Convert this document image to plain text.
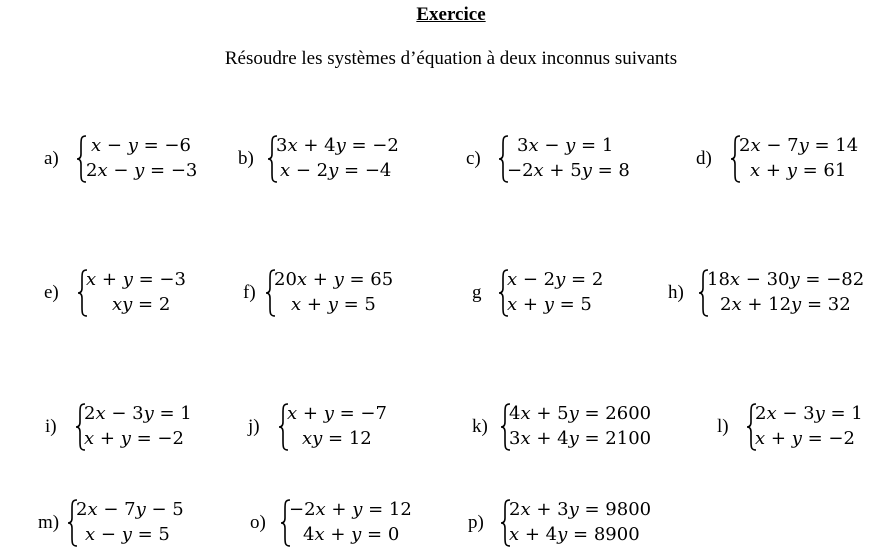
Exercice
Résoudre les systèmes d’équation à deux inconnus suivants
a)
x − y = −6
2x − y = −3
b)
3x + 4y = −2
x − 2y = −4
c)
3x − y = 1
−2x + 5y = 8
d)
2x − 7y = 14
x + y = 61
e)
x + y = −3
xy = 2
f)
20x + y = 65
x + y = 5
g
x − 2y = 2
x + y = 5
h)
18x − 30y = −82
2x + 12y = 32
i)
2x − 3y = 1
x + y = −2
j)
x + y = −7
xy = 12
k)
4x + 5y = 2600
3x + 4y = 2100
l)
2x − 3y = 1
x + y = −2
m)
2x − 7y − 5
x − y = 5
o)
−2x + y = 12
4x + y = 0
p)
2x + 3y = 9800
x + 4y = 8900
